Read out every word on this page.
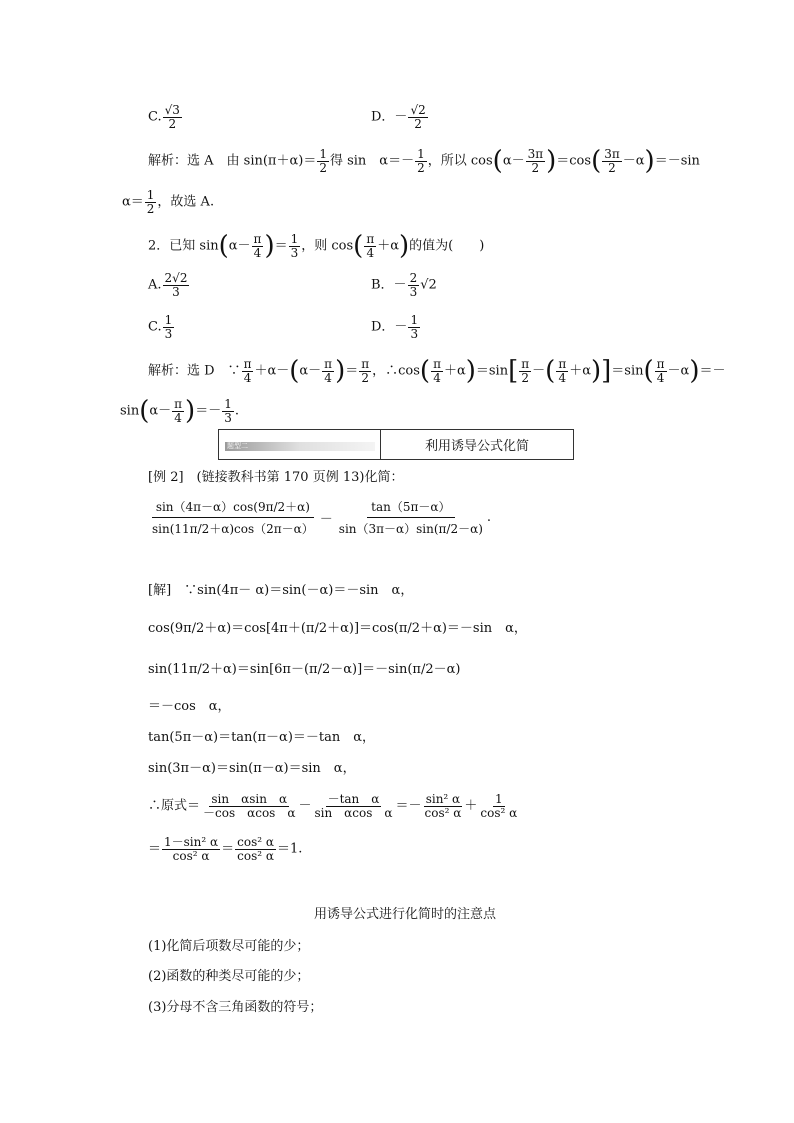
C. $\frac{√3}{2}$	D．－ $\frac{√2}{2}$
解析：选 A　由 $\sin(\pi+\alpha)= \frac{1}{2}$ 得 sin　$\alpha=- \frac{1}{2}$ ，所以 $\cos(\alpha- \frac{3\pi}{2} )=\cos( \frac{3\pi}{2} -\alpha)=-\sin$
$\alpha= \frac{1}{2}$ ，故选 A.
2．已知 $\sin(\alpha- \frac{\pi}{4}$ )＝ $\frac{1}{3}$ ，则 $\cos( \frac{\pi}{4} +\alpha)$的值为(　　)
A. $\frac{2√2}{3}$	B．－ $\frac{2}{3} √2$
C. $\frac{1}{3}$	D．－ $\frac{1}{3}$
解析：选 D　∵ $\frac{\pi}{4} +\alpha-(\alpha- \frac{\pi}{4}$ )＝ $\frac{\pi}{2}$ ，∴cos( $\frac{\pi}{4} +\alpha)=\sin[ \frac{\pi}{2}$ －( $\frac{\pi}{4} +\alpha)]=\sin( \frac{\pi}{4} -\alpha)=-$
$\sin(\alpha- \frac{\pi}{4}$ )＝－ $\frac{1}{3}$ .
题型二	利用诱导公式化简
[例 2]　(链接教科书第 170 页例 13)化简：
$\frac{\sin(4\pi-\alpha)\cos(9\pi/2+\alpha)}{\sin(11\pi/2+\alpha)\cos(2\pi-\alpha)} - \frac{\tan(5\pi-\alpha)}{\sin(3\pi-\alpha)\sin(\pi/2-\alpha)}$ .
[解]　∵sin(4π－ α)＝sin(－α)＝－sin　α，
cos(9π/2＋α)＝cos[4π＋(π/2＋α)]＝cos(π/2＋α)＝－sin　α，
sin(11π/2＋α)＝sin[6π－(π/2－α)]＝－sin(π/2－α)
＝－cos　α，
tan(5π－α)＝tan(π－α)＝－tan　α，
sin(3π－α)＝sin(π－α)＝sin　α，
∴原式＝ $\frac{\text{sin　αsin　α}}{\text{－cos　αcos　α}} - \frac{\text{－tan　α}}{\text{sin　αcos　α}} =- \frac{\text{sin² α}}{\text{cos² α}} + \frac{1}{\text{cos² α}}$
＝ $\frac{\text{1－sin² α}}{\text{cos² α}} = \frac{\text{cos² α}}{\text{cos² α}} =1$.
用诱导公式进行化简时的注意点
(1)化简后项数尽可能的少；
(2)函数的种类尽可能的少；
(3)分母不含三角函数的符号；
